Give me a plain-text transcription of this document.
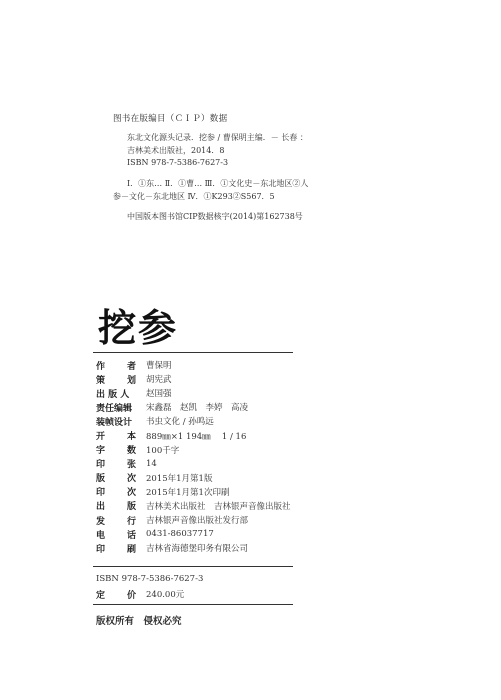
图书在版编目（ＣＩＰ）数据
东北文化源头记录．挖参 / 曹保明主编．－ 长春 ：
吉林美术出版社，2014．8
ISBN 978-7-5386-7627-3
Ⅰ．①东… Ⅱ．①曹… Ⅲ．①文化史－东北地区②人
参－文化－东北地区 Ⅳ．①K293②S567．5
中国版本图书馆CIP数据核字(2014)第162738号
挖参
作 者 曹保明
策 划 胡宪武
出 版 人	赵国强
责任编辑	宋鑫磊　赵凯　李婷　高凌
装帧设计	书虫文化 / 孙鸣远
开 本 889㎜×1 194㎜　 1 / 16
字 数 100千字
印 张 14
版 次 2015年1月第1版
印 次 2015年1月第1次印刷
出 版 吉林美术出版社　吉林银声音像出版社
发 行 吉林银声音像出版社发行部
电 话 0431-86037717
印 刷 吉林省海德堡印务有限公司
ISBN 978-7-5386-7627-3
定 价 240.00元
版权所有　侵权必究
